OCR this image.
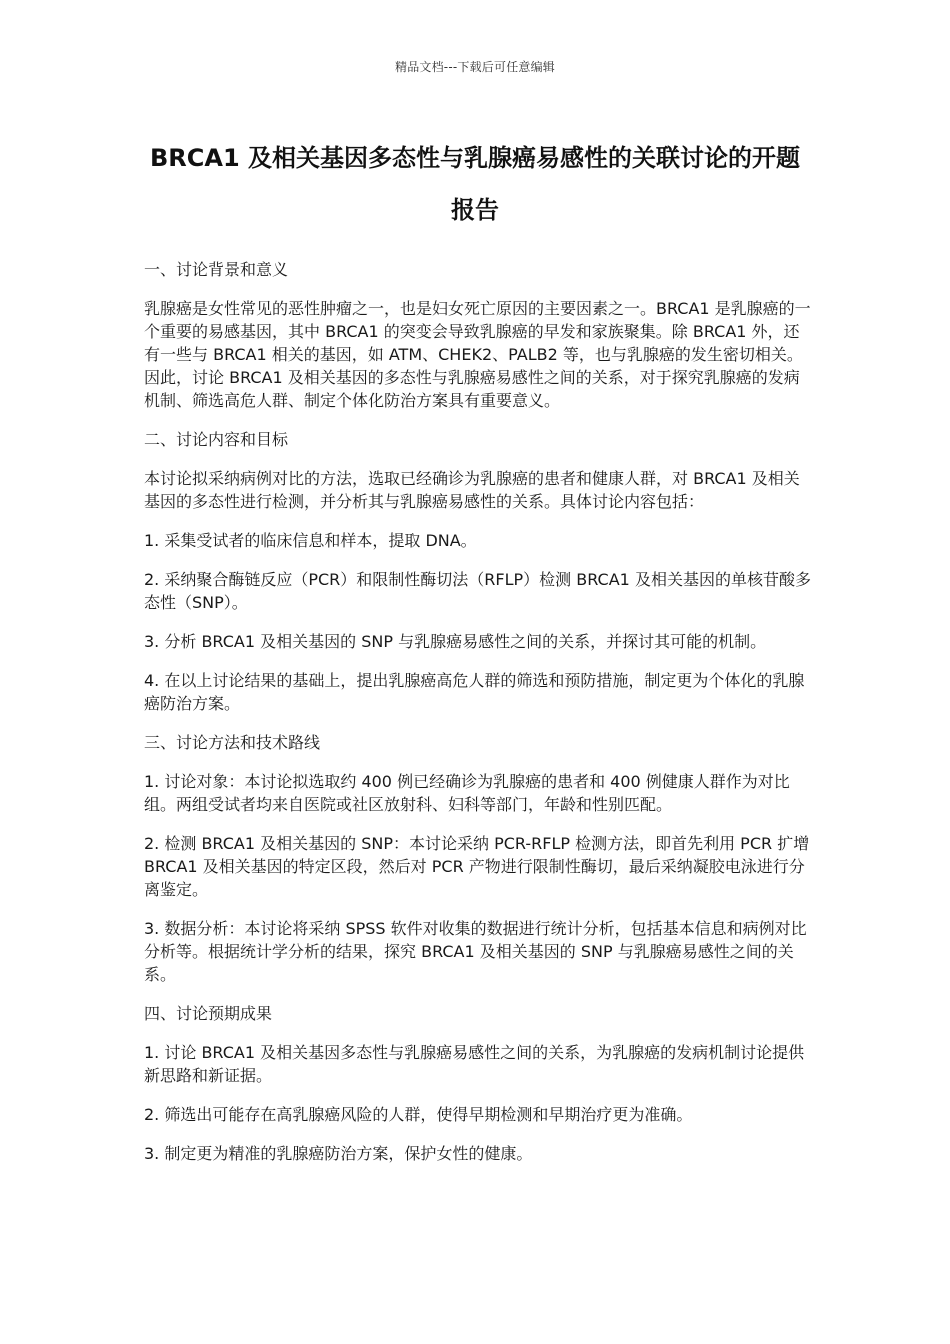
精品文档---下载后可任意编辑
BRCA1 及相关基因多态性与乳腺癌易感性的关联讨论的开题报告
一、讨论背景和意义

乳腺癌是女性常见的恶性肿瘤之一，也是妇女死亡原因的主要因素之一。BRCA1 是乳腺癌的一个重要的易感基因，其中 BRCA1 的突变会导致乳腺癌的早发和家族聚集。除 BRCA1 外，还有一些与 BRCA1 相关的基因，如 ATM、CHEK2、PALB2 等，也与乳腺癌的发生密切相关。因此，讨论 BRCA1 及相关基因的多态性与乳腺癌易感性之间的关系，对于探究乳腺癌的发病机制、筛选高危人群、制定个体化防治方案具有重要意义。

二、讨论内容和目标

本讨论拟采纳病例对比的方法，选取已经确诊为乳腺癌的患者和健康人群，对 BRCA1 及相关基因的多态性进行检测，并分析其与乳腺癌易感性的关系。具体讨论内容包括：

1. 采集受试者的临床信息和样本，提取 DNA。

2. 采纳聚合酶链反应（PCR）和限制性酶切法（RFLP）检测 BRCA1 及相关基因的单核苷酸多态性（SNP）。

3. 分析 BRCA1 及相关基因的 SNP 与乳腺癌易感性之间的关系，并探讨其可能的机制。

4. 在以上讨论结果的基础上，提出乳腺癌高危人群的筛选和预防措施，制定更为个体化的乳腺癌防治方案。

三、讨论方法和技术路线

1. 讨论对象：本讨论拟选取约 400 例已经确诊为乳腺癌的患者和 400 例健康人群作为对比组。两组受试者均来自医院或社区放射科、妇科等部门，年龄和性别匹配。

2. 检测 BRCA1 及相关基因的 SNP：本讨论采纳 PCR-RFLP 检测方法，即首先利用 PCR 扩增 BRCA1 及相关基因的特定区段，然后对 PCR 产物进行限制性酶切，最后采纳凝胶电泳进行分离鉴定。

3. 数据分析：本讨论将采纳 SPSS 软件对收集的数据进行统计分析，包括基本信息和病例对比分析等。根据统计学分析的结果，探究 BRCA1 及相关基因的 SNP 与乳腺癌易感性之间的关系。

四、讨论预期成果

1. 讨论 BRCA1 及相关基因多态性与乳腺癌易感性之间的关系，为乳腺癌的发病机制讨论提供新思路和新证据。

2. 筛选出可能存在高乳腺癌风险的人群，使得早期检测和早期治疗更为准确。

3. 制定更为精准的乳腺癌防治方案，保护女性的健康。
